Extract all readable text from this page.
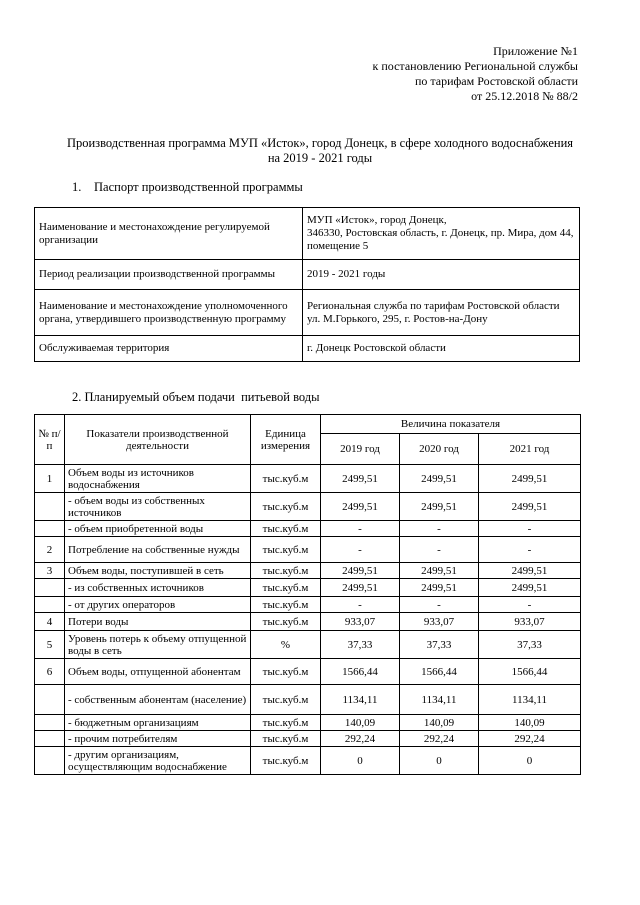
Приложение №1
к постановлению Региональной службы
по тарифам Ростовской области
от 25.12.2018 № 88/2
Производственная программа МУП «Исток», город Донецк, в сфере холодного водоснабжения
на 2019 - 2021 годы
1. Паспорт производственной программы
Наименование и местонахождение регулируемой организации	МУП «Исток», город Донецк,
346330, Ростовская область, г. Донецк, пр. Мира, дом 44, помещение 5

Период реализации производственной программы	2019 - 2021 годы

Наименование и местонахождение уполномоченного органа, утвердившего производственную программу	Региональная служба по тарифам Ростовской области
ул. М.Горького, 295, г. Ростов-на-Дону

Обслуживаемая территория	г. Донецк Ростовской области
2. Планируемый объем подачи  питьевой воды
№ п/п	Показатели производственной деятельности	Единица измерения	Величина показателя		
			2019 год	2020 год	2021 год
1	Объем воды из источников водоснабжения	тыс.куб.м	2499,51	2499,51	2499,51
	- объем воды из собственных источников	тыс.куб.м	2499,51	2499,51	2499,51
	- объем приобретенной воды	тыс.куб.м	-	-	-
2	Потребление на собственные нужды	тыс.куб.м	-	-	-
3	Объем воды, поступившей в сеть	тыс.куб.м	2499,51	2499,51	2499,51
	- из собственных источников	тыс.куб.м	2499,51	2499,51	2499,51
	- от других операторов	тыс.куб.м	-	-	-
4	Потери воды	тыс.куб.м	933,07	933,07	933,07
5	Уровень потерь к объему отпущенной воды в сеть	%	37,33	37,33	37,33
6	Объем воды, отпущенной абонентам	тыс.куб.м	1566,44	1566,44	1566,44
	- собственным абонентам (население)	тыс.куб.м	1134,11	1134,11	1134,11
	- бюджетным организациям	тыс.куб.м	140,09	140,09	140,09
	- прочим потребителям	тыс.куб.м	292,24	292,24	292,24
	- другим организациям, осуществляющим водоснабжение	тыс.куб.м	0	0	0
